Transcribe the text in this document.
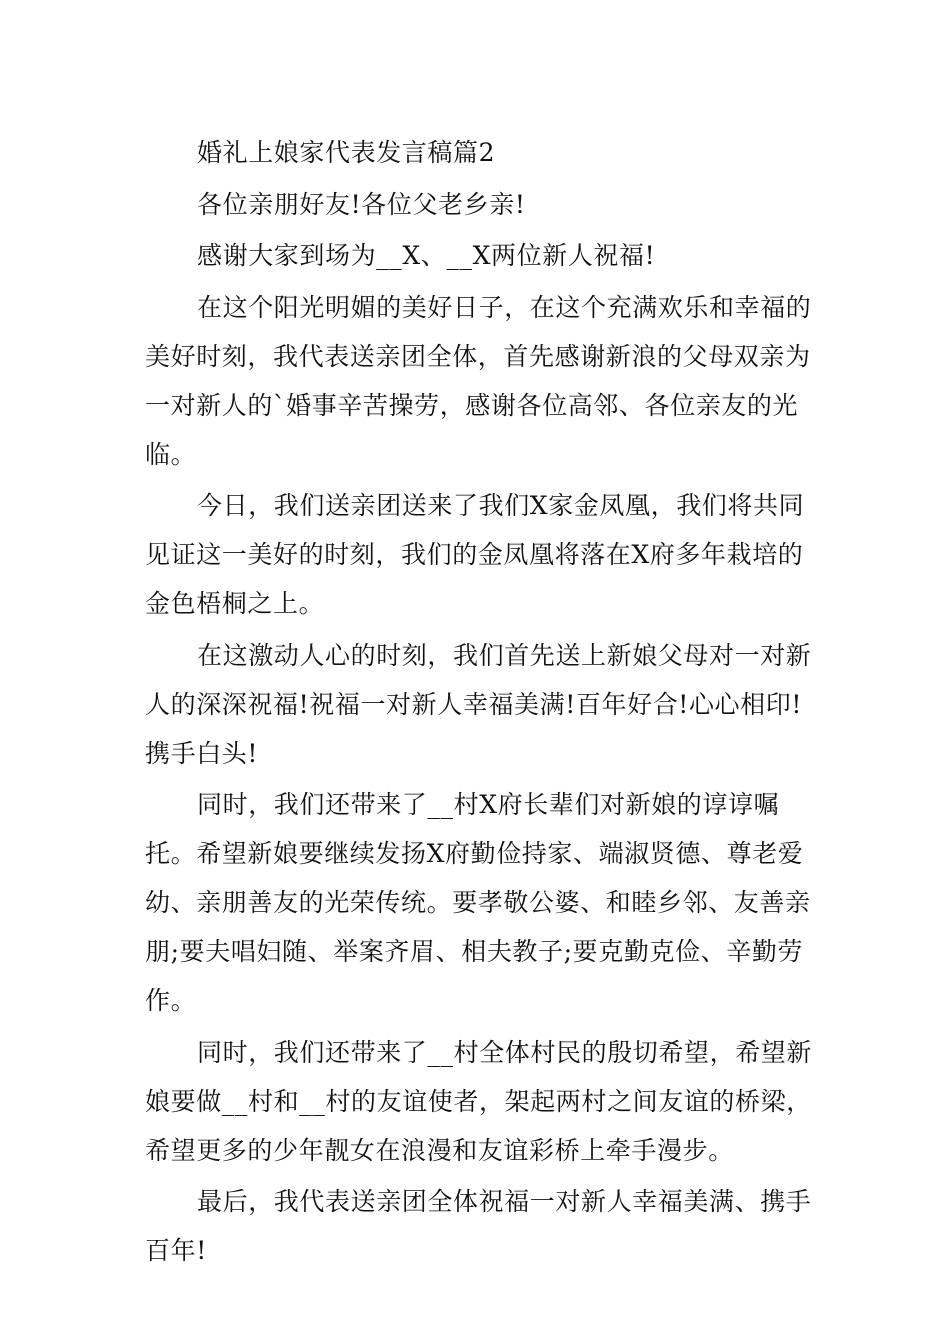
婚礼上娘家代表发言稿篇2

各位亲朋好友!各位父老乡亲!

感谢大家到场为__X、__X两位新人祝福!

在这个阳光明媚的美好日子，在这个充满欢乐和幸福的美好时刻，我代表送亲团全体，首先感谢新浪的父母双亲为一对新人的`婚事辛苦操劳，感谢各位高邻、各位亲友的光临。

今日，我们送亲团送来了我们X家金凤凰，我们将共同见证这一美好的时刻，我们的金凤凰将落在X府多年栽培的金色梧桐之上。

在这激动人心的时刻，我们首先送上新娘父母对一对新人的深深祝福!祝福一对新人幸福美满!百年好合!心心相印!携手白头!

同时，我们还带来了__村X府长辈们对新娘的谆谆嘱托。希望新娘要继续发扬X府勤俭持家、端淑贤德、尊老爱幼、亲朋善友的光荣传统。要孝敬公婆、和睦乡邻、友善亲朋;要夫唱妇随、举案齐眉、相夫教子;要克勤克俭、辛勤劳作。

同时，我们还带来了__村全体村民的殷切希望，希望新娘要做__村和__村的友谊使者，架起两村之间友谊的桥梁，希望更多的少年靓女在浪漫和友谊彩桥上牵手漫步。

最后，我代表送亲团全体祝福一对新人幸福美满、携手百年!
